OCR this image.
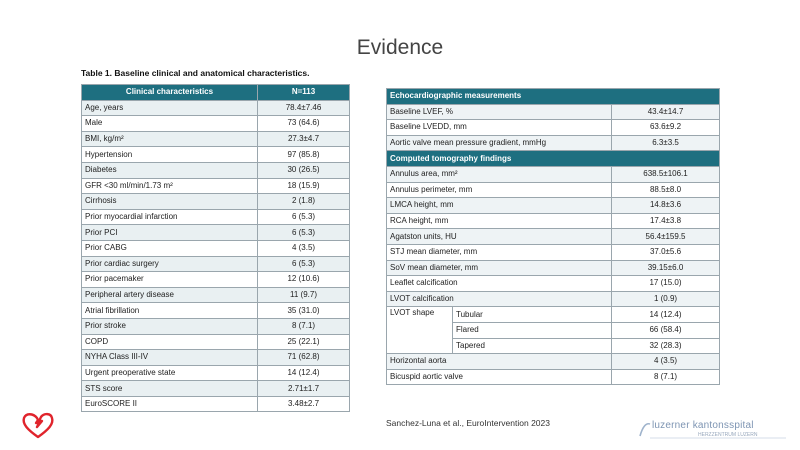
Evidence
Table 1. Baseline clinical and anatomical characteristics.
Clinical characteristics	N=113
Age, years	78.4±7.46
Male	73 (64.6)
BMI, kg/m²	27.3±4.7
Hypertension	97 (85.8)
Diabetes	30 (26.5)
GFR <30 ml/min/1.73 m²	18 (15.9)
Cirrhosis	2 (1.8)
Prior myocardial infarction	6 (5.3)
Prior PCI	6 (5.3)
Prior CABG	4 (3.5)
Prior cardiac surgery	6 (5.3)
Prior pacemaker	12 (10.6)
Peripheral artery disease	11 (9.7)
Atrial fibrillation	35 (31.0)
Prior stroke	8 (7.1)
COPD	25 (22.1)
NYHA Class III-IV	71 (62.8)
Urgent preoperative state	14 (12.4)
STS score	2.71±1.7
EuroSCORE II	3.48±2.7
Echocardiographic measurements		
Baseline LVEF, %		43.4±14.7
Baseline LVEDD, mm		63.6±9.2
Aortic valve mean pressure gradient, mmHg		6.3±3.5
Computed tomography findings		
Annulus area, mm²		638.5±106.1
Annulus perimeter, mm		88.5±8.0
LMCA height, mm		14.8±3.6
RCA height, mm		17.4±3.8
Agatston units, HU		56.4±159.5
STJ mean diameter, mm		37.0±5.6
SoV mean diameter, mm		39.15±6.0
Leaflet calcification		17 (15.0)
LVOT calcification		1 (0.9)
LVOT shape	Tubular	14 (12.4)
	Flared	66 (58.4)
	Tapered	32 (28.3)
Horizontal aorta		4 (3.5)
Bicuspid aortic valve		8 (7.1)
Sanchez-Luna et al., EuroIntervention 2023	luzerner kantonsspital
HERZZENTRUM LUZERN
